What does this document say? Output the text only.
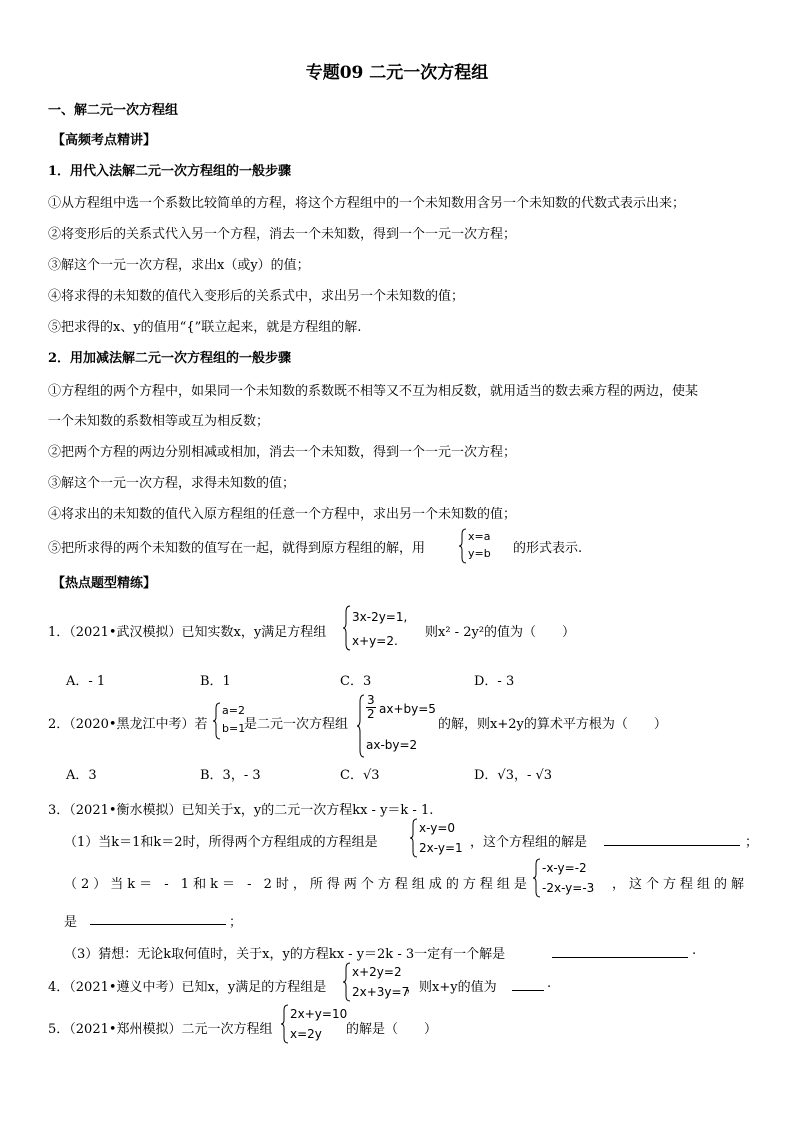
专题09 二元一次方程组
一、解二元一次方程组
【高频考点精讲】
1．用代入法解二元一次方程组的一般步骤
①从方程组中选一个系数比较简单的方程，将这个方程组中的一个未知数用含另一个未知数的代数式表示出来；
②将变形后的关系式代入另一个方程，消去一个未知数，得到一个一元一次方程；
③解这个一元一次方程，求出x（或y）的值；
④将求得的未知数的值代入变形后的关系式中，求出另一个未知数的值；
⑤把求得的x、y的值用“{”联立起来，就是方程组的解.
2．用加减法解二元一次方程组的一般步骤
①方程组的两个方程中，如果同一个未知数的系数既不相等又不互为相反数，就用适当的数去乘方程的两边，使某
一个未知数的系数相等或互为相反数；
②把两个方程的两边分别相减或相加，消去一个未知数，得到一个一元一次方程；
③解这个一元一次方程，求得未知数的值；
④将求出的未知数的值代入原方程组的任意一个方程中，求出另一个未知数的值；
⑤把所求得的两个未知数的值写在一起，就得到原方程组的解，用
x=a
y=b 的形式表示.
【热点题型精练】
1．（2021•武汉模拟）已知实数x，y满足方程组
3x-2y=1,
x+y=2.
则x² - 2y²的值为（　　）
A．- 1	B．1	C．3	D．- 3
2．（2020•黑龙江中考）若
a=2
b=1
是二元一次方程组
$\frac{3}{2} ax+by=5$
ax-by=2
的解，则x+2y的算术平方根为（　　）
A．3	B．3，- 3	C．√3	D．√3，- √3
3．（2021•衡水模拟）已知关于x，y的二元一次方程kx - y＝k - 1.
（1）当k＝1和k＝2时，所得两个方程组成的方程组是
x-y=0
2x-y=1 ，这个方程组的解是	；
（2）当k＝ - 1和k＝ - 2时，所得两个方程组成的方程组是
-x-y=-2
-2x-y=-3 ，这个方程组的解
是	；
（3）猜想：无论k取何值时，关于x，y的方程kx - y＝2k - 3一定有一个解是	.
4．（2021•遵义中考）已知x，y满足的方程组是
x+2y=2
2x+3y=7
，则x+y的值为	.
5．（2021•郑州模拟）二元一次方程组
2x+y=10
x=2y	的解是（　　）
